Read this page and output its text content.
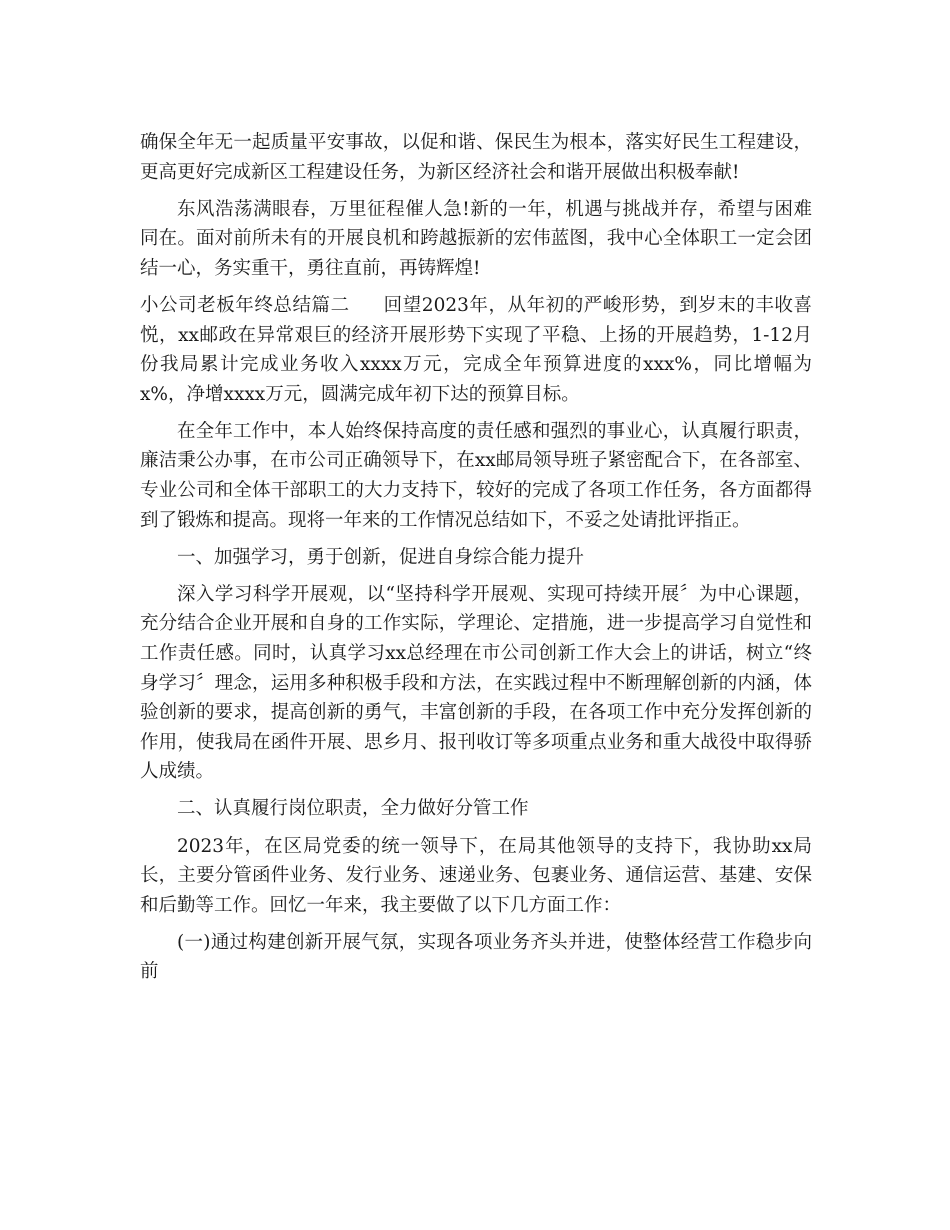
确保全年无一起质量平安事故，以促和谐、保民生为根本，落实好民生工程建设，更高更好完成新区工程建设任务，为新区经济社会和谐开展做出积极奉献!

东风浩荡满眼春，万里征程催人急!新的一年，机遇与挑战并存，希望与困难同在。面对前所未有的开展良机和跨越振新的宏伟蓝图，我中心全体职工一定会团结一心，务实重干，勇往直前，再铸辉煌!

小公司老板年终总结篇二 回望2023年，从年初的严峻形势，到岁末的丰收喜悦，xx邮政在异常艰巨的经济开展形势下实现了平稳、上扬的开展趋势，1-12月份我局累计完成业务收入xxxx万元，完成全年预算进度的xxx%，同比增幅为x%，净增xxxx万元，圆满完成年初下达的预算目标。

在全年工作中，本人始终保持高度的责任感和强烈的事业心，认真履行职责，廉洁秉公办事，在市公司正确领导下，在xx邮局领导班子紧密配合下，在各部室、专业公司和全体干部职工的大力支持下，较好的完成了各项工作任务，各方面都得到了锻炼和提高。现将一年来的工作情况总结如下，不妥之处请批评指正。

一、加强学习，勇于创新，促进自身综合能力提升

深入学习科学开展观，以“坚持科学开展观、实现可持续开展〞为中心课题，充分结合企业开展和自身的工作实际，学理论、定措施，进一步提高学习自觉性和工作责任感。同时，认真学习xx总经理在市公司创新工作大会上的讲话，树立“终身学习〞理念，运用多种积极手段和方法，在实践过程中不断理解创新的内涵，体验创新的要求，提高创新的勇气，丰富创新的手段，在各项工作中充分发挥创新的作用，使我局在函件开展、思乡月、报刊收订等多项重点业务和重大战役中取得骄人成绩。

二、认真履行岗位职责，全力做好分管工作

2023年，在区局党委的统一领导下，在局其他领导的支持下，我协助xx局长，主要分管函件业务、发行业务、速递业务、包裹业务、通信运营、基建、安保和后勤等工作。回忆一年来，我主要做了以下几方面工作：

(一)通过构建创新开展气氛，实现各项业务齐头并进，使整体经营工作稳步向前
